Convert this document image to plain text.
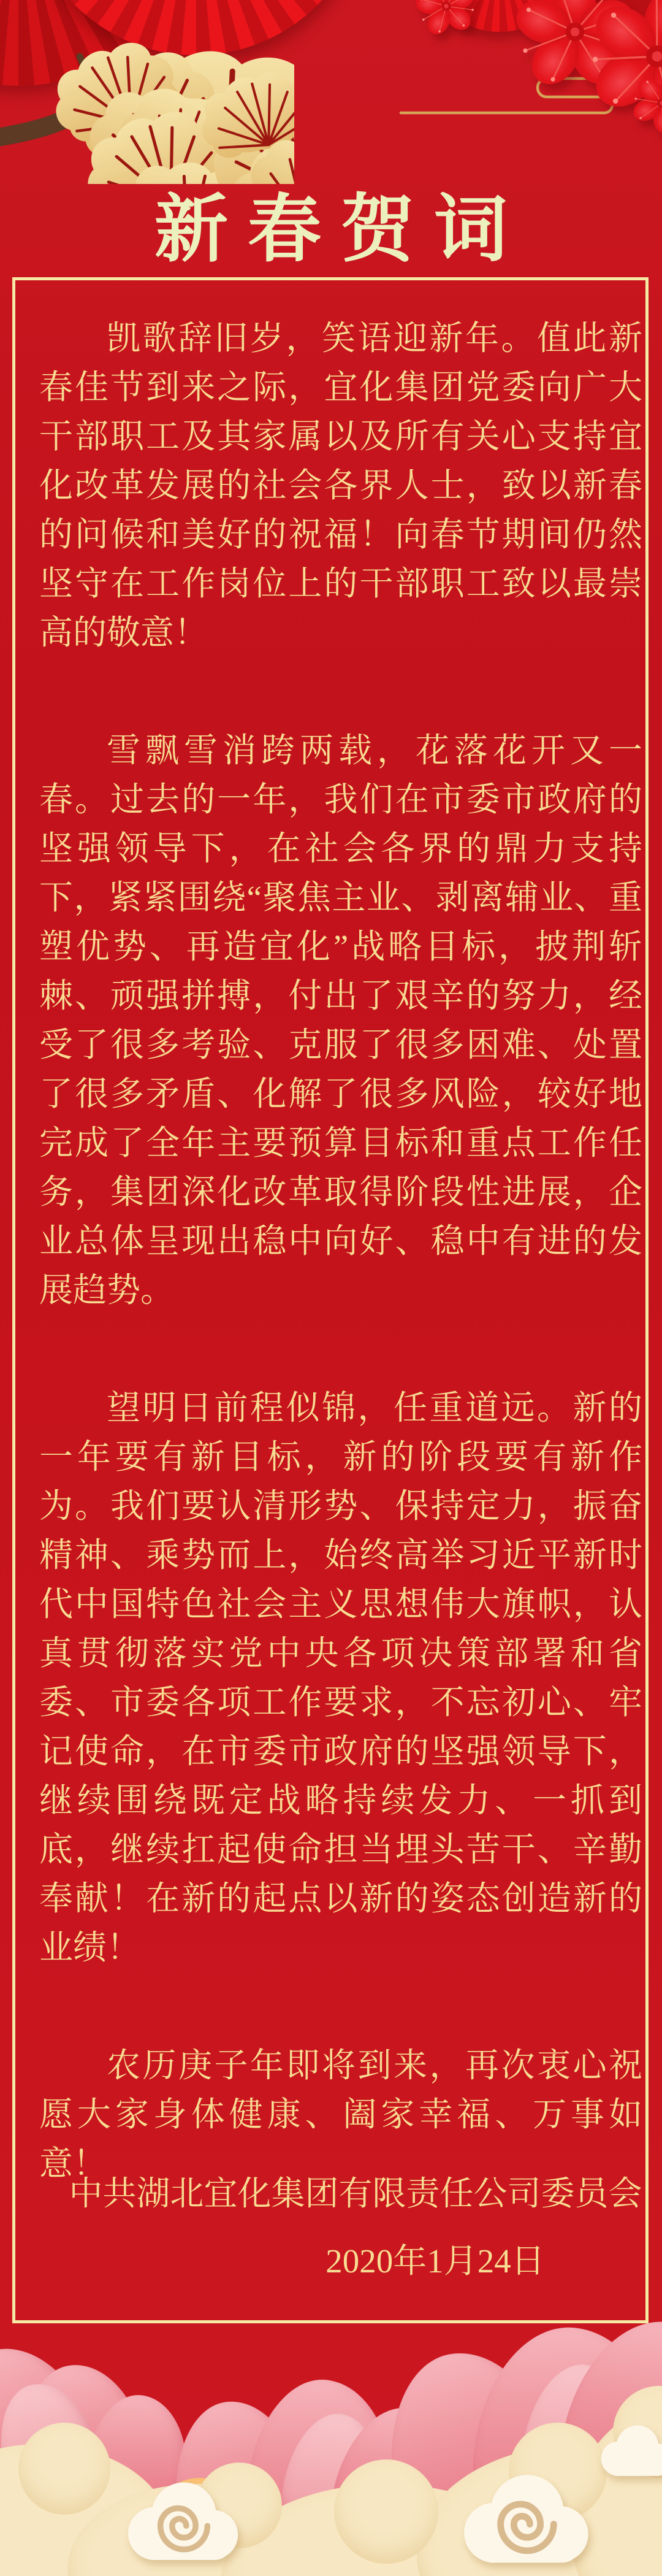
新春贺词

凯歌辞旧岁，笑语迎新年。值此新春佳节到来之际，宜化集团党委向广大干部职工及其家属以及所有关心支持宜化改革发展的社会各界人士，致以新春的问候和美好的祝福！向春节期间仍然坚守在工作岗位上的干部职工致以最崇高的敬意！

雪飘雪消跨两载，花落花开又一春。过去的一年，我们在市委市政府的坚强领导下，在社会各界的鼎力支持下，紧紧围绕“聚焦主业、剥离辅业、重塑优势、再造宜化”战略目标，披荆斩棘、顽强拼搏，付出了艰辛的努力，经受了很多考验、克服了很多困难、处置了很多矛盾、化解了很多风险，较好地完成了全年主要预算目标和重点工作任务，集团深化改革取得阶段性进展，企业总体呈现出稳中向好、稳中有进的发展趋势。

望明日前程似锦，任重道远。新的一年要有新目标，新的阶段要有新作为。我们要认清形势、保持定力，振奋精神、乘势而上，始终高举习近平新时代中国特色社会主义思想伟大旗帜，认真贯彻落实党中央各项决策部署和省委、市委各项工作要求，不忘初心、牢记使命，在市委市政府的坚强领导下，继续围绕既定战略持续发力、一抓到底，继续扛起使命担当埋头苦干、辛勤奉献！在新的起点以新的姿态创造新的业绩！

农历庚子年即将到来，再次衷心祝愿大家身体健康、阖家幸福、万事如意！

中共湖北宜化集团有限责任公司委员会
2020年1月24日
